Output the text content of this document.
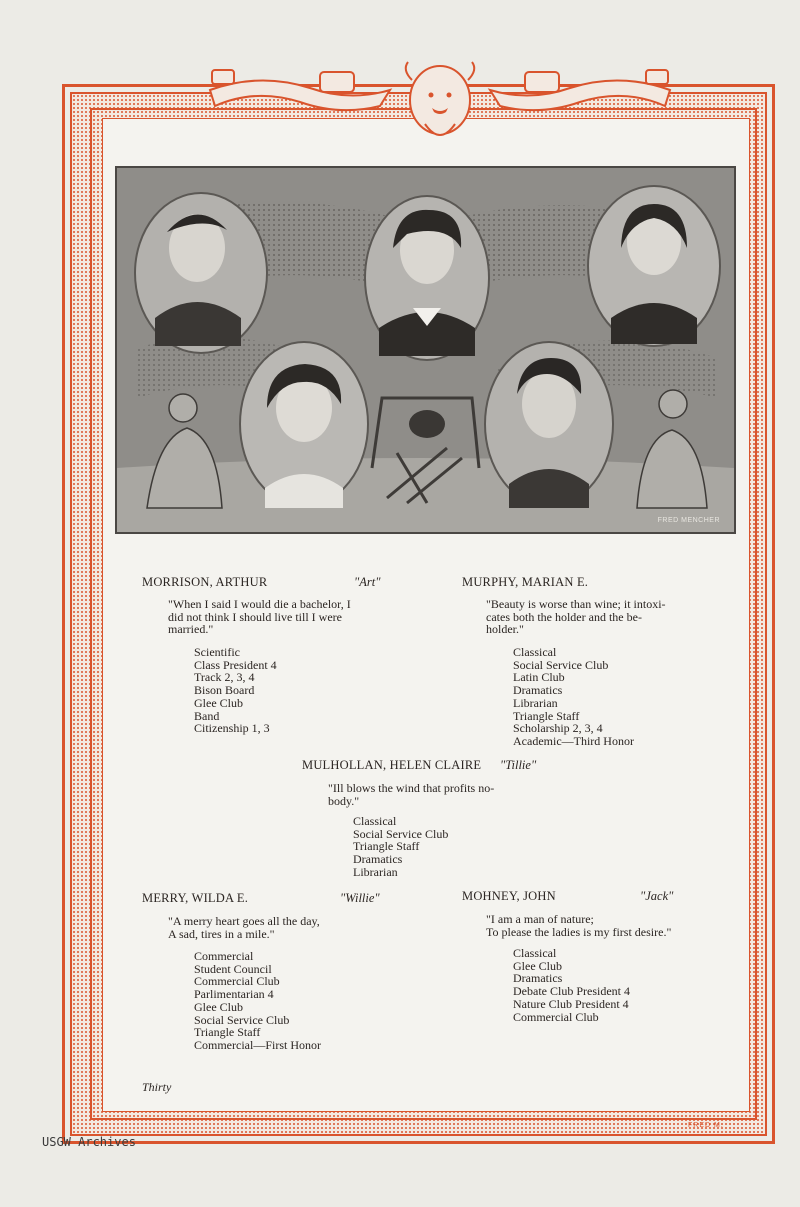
FRED MENCHER
MORRISON, ARTHUR	"Art"
"When I said I would die a bachelor, I
did not think I should live till I were
married."
Scientific
Class President 4
Track 2, 3, 4
Bison Board
Glee Club
Band
Citizenship 1, 3
MURPHY, MARIAN E.
"Beauty is worse than wine; it intoxi-
cates both the holder and the be-
holder."
Classical
Social Service Club
Latin Club
Dramatics
Librarian
Triangle Staff
Scholarship 2, 3, 4
Academic—Third Honor
MULHOLLAN, HELEN CLAIRE "Tillie"
"Ill blows the wind that profits no-
body."
Classical
Social Service Club
Triangle Staff
Dramatics
Librarian
MERRY, WILDA E.	"Willie"
"A merry heart goes all the day,
A sad, tires in a mile."
Commercial
Student Council
Commercial Club
Parlimentarian 4
Glee Club
Social Service Club
Triangle Staff
Commercial—First Honor
MOHNEY, JOHN	"Jack"
"I am a man of nature;
To please the ladies is my first desire."
Classical
Glee Club
Dramatics
Debate Club President 4
Nature Club President 4
Commercial Club
Thirty
FRED M.
USGW Archives
